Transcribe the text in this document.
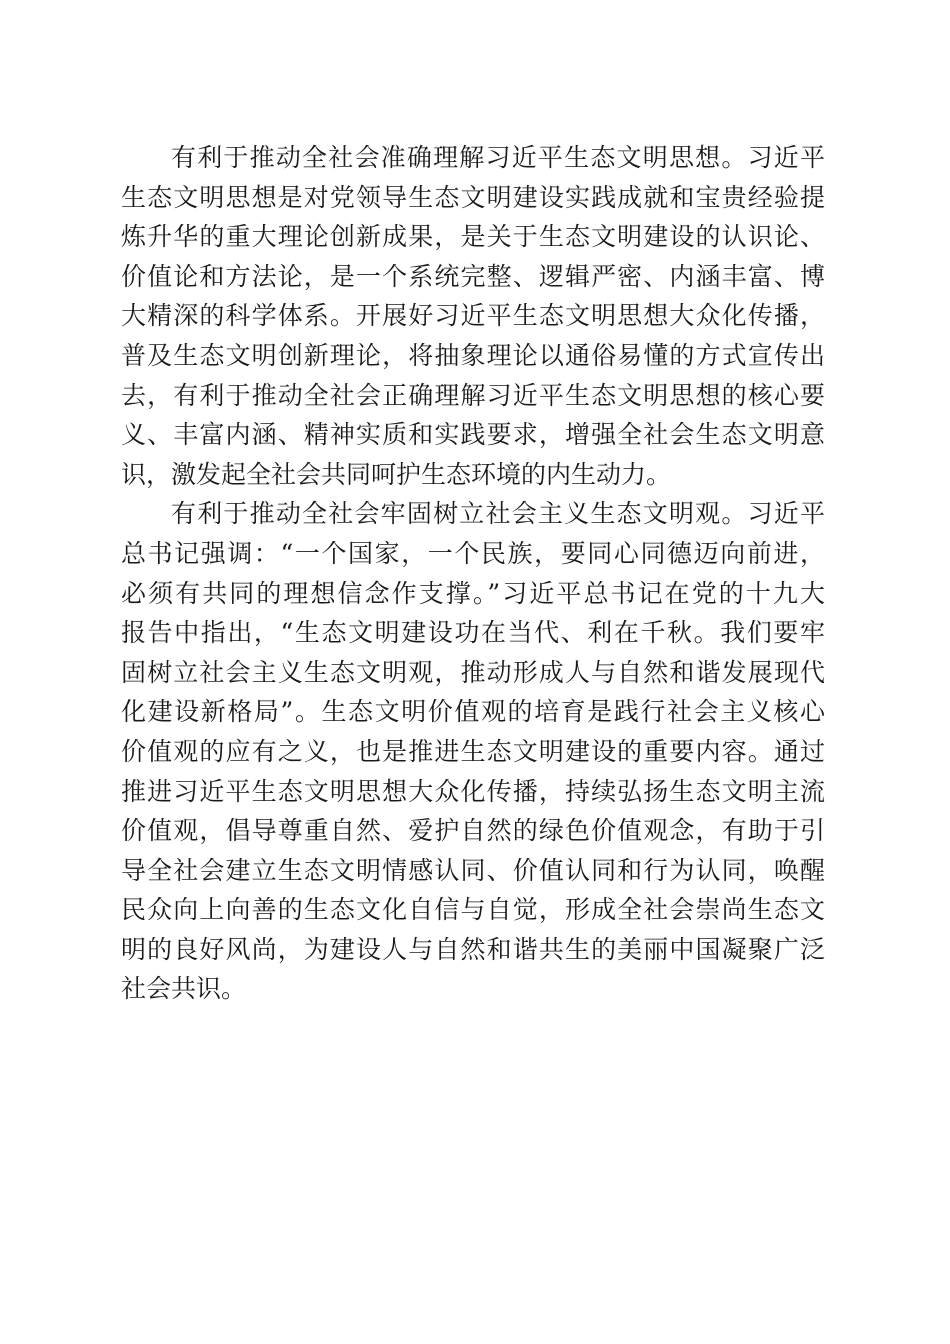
有利于推动全社会准确理解习近平生态文明思想。习近平
生态文明思想是对党领导生态文明建设实践成就和宝贵经验提
炼升华的重大理论创新成果，是关于生态文明建设的认识论、
价值论和方法论，是一个系统完整、逻辑严密、内涵丰富、博
大精深的科学体系。开展好习近平生态文明思想大众化传播，
普及生态文明创新理论，将抽象理论以通俗易懂的方式宣传出
去，有利于推动全社会正确理解习近平生态文明思想的核心要
义、丰富内涵、精神实质和实践要求，增强全社会生态文明意
识，激发起全社会共同呵护生态环境的内生动力。
有利于推动全社会牢固树立社会主义生态文明观。习近平
总书记强调：“一个国家，一个民族，要同心同德迈向前进，
必须有共同的理想信念作支撑。”习近平总书记在党的十九大
报告中指出，“生态文明建设功在当代、利在千秋。我们要牢
固树立社会主义生态文明观，推动形成人与自然和谐发展现代
化建设新格局”。生态文明价值观的培育是践行社会主义核心
价值观的应有之义，也是推进生态文明建设的重要内容。通过
推进习近平生态文明思想大众化传播，持续弘扬生态文明主流
价值观，倡导尊重自然、爱护自然的绿色价值观念，有助于引
导全社会建立生态文明情感认同、价值认同和行为认同，唤醒
民众向上向善的生态文化自信与自觉，形成全社会崇尚生态文
明的良好风尚，为建设人与自然和谐共生的美丽中国凝聚广泛
社会共识。
